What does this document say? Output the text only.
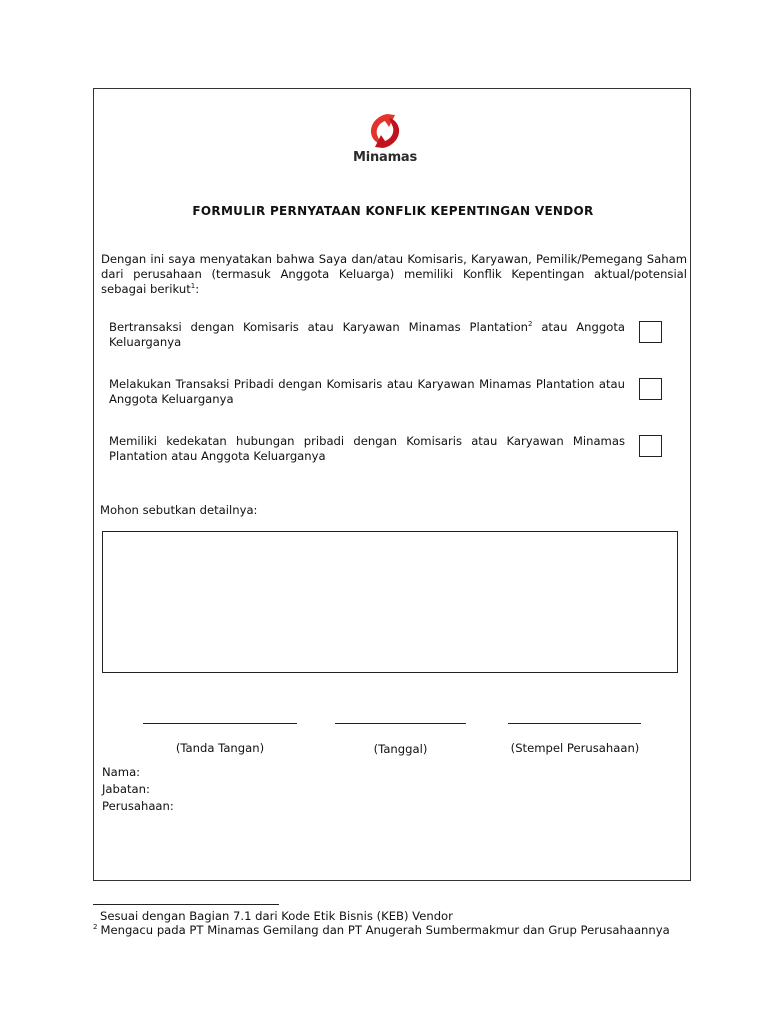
Minamas
FORMULIR PERNYATAAN KONFLIK KEPENTINGAN VENDOR
Dengan ini saya menyatakan bahwa Saya dan/atau Komisaris, Karyawan, Pemilik/Pemegang Saham dari perusahaan (termasuk Anggota Keluarga) memiliki Konflik Kepentingan aktual/potensial sebagai berikut$^1$:
Bertransaksi dengan Komisaris atau Karyawan Minamas Plantation$^2$ atau Anggota Keluarganya
Melakukan Transaksi Pribadi dengan Komisaris atau Karyawan Minamas Plantation atau Anggota Keluarganya
Memiliki kedekatan hubungan pribadi dengan Komisaris atau Karyawan Minamas Plantation atau Anggota Keluarganya
Mohon sebutkan detailnya:
(Tanda Tangan)	(Tanggal)	(Stempel Perusahaan)
Nama:
Jabatan:
Perusahaan:
Sesuai dengan Bagian 7.1 dari Kode Etik Bisnis (KEB) Vendor
$^2$ Mengacu pada PT Minamas Gemilang dan PT Anugerah Sumbermakmur dan Grup Perusahaannya
